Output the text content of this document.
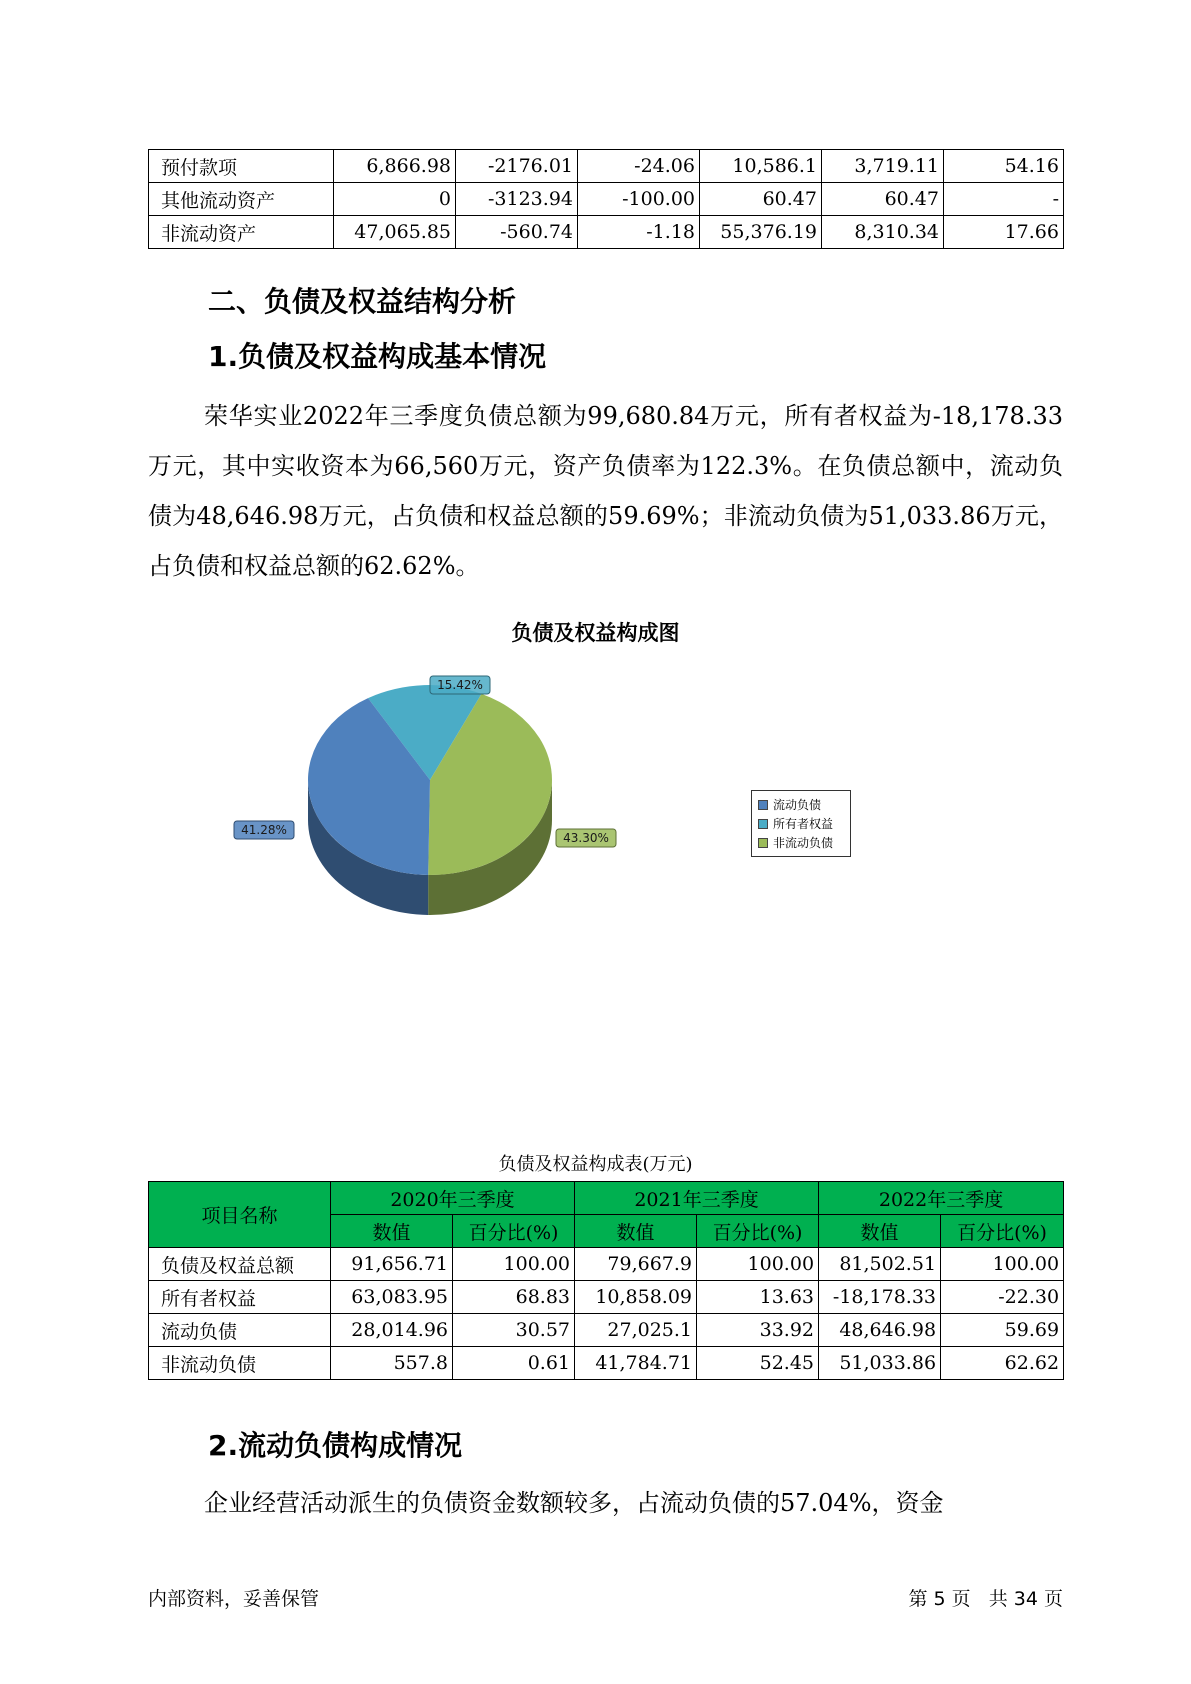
预付款项	6,866.98	-2176.01	-24.06	10,586.1	3,719.11	54.16
其他流动资产	0	-3123.94	-100.00	60.47	60.47	-
非流动资产	47,065.85	-560.74	-1.18	55,376.19	8,310.34	17.66
二、负债及权益结构分析
1.负债及权益构成基本情况
荣华实业2022年三季度负债总额为99,680.84万元，所有者权益为-18,178.33万元，其中实收资本为66,560万元，资产负债率为122.3%。在负债总额中，流动负债为48,646.98万元，占负债和权益总额的59.69%；非流动负债为51,033.86万元，占负债和权益总额的62.62%。
负债及权益构成图
15.42%
43.30%
41.28%
流动负债
所有者权益
非流动负债
负债及权益构成表(万元)
项目名称	2020年三季度		2021年三季度		2022年三季度	
	数值	百分比(%)	数值	百分比(%)	数值	百分比(%)
负债及权益总额	91,656.71	100.00	79,667.9	100.00	81,502.51	100.00
所有者权益	63,083.95	68.83	10,858.09	13.63	-18,178.33	-22.30
流动负债	28,014.96	30.57	27,025.1	33.92	48,646.98	59.69
非流动负债	557.8	0.61	41,784.71	52.45	51,033.86	62.62
2.流动负债构成情况
企业经营活动派生的负债资金数额较多，占流动负债的57.04%，资金
内部资料，妥善保管	第 5 页   共 34 页
